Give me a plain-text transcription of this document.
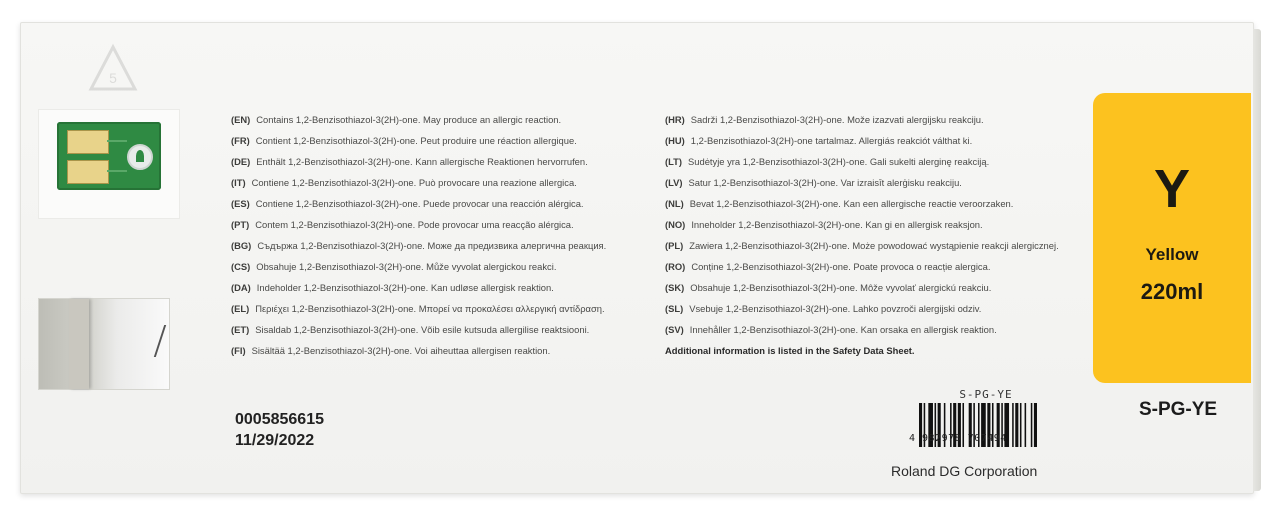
5
(EN) Contains 1,2-Benzisothiazol-3(2H)-one. May produce an allergic reaction.
(FR) Contient 1,2-Benzisothiazol-3(2H)-one. Peut produire une réaction allergique.
(DE) Enthält 1,2-Benzisothiazol-3(2H)-one. Kann allergische Reaktionen hervorrufen.
(IT) Contiene 1,2-Benzisothiazol-3(2H)-one. Può provocare una reazione allergica.
(ES) Contiene 1,2-Benzisothiazol-3(2H)-one. Puede provocar una reacción alérgica.
(PT) Contem 1,2-Benzisothiazol-3(2H)-one. Pode provocar uma reacção alérgica.
(BG) Съдържа 1,2-Benzisothiazol-3(2H)-one. Може да предизвика алергична реакция.
(CS) Obsahuje 1,2-Benzisothiazol-3(2H)-one. Může vyvolat alergickou reakci.
(DA) Indeholder 1,2-Benzisothiazol-3(2H)-one. Kan udløse allergisk reaktion.
(EL) Περιέχει 1,2-Benzisothiazol-3(2H)-one. Μπορεί να προκαλέσει αλλεργική αντίδραση.
(ET) Sisaldab 1,2-Benzisothiazol-3(2H)-one. Võib esile kutsuda allergilise reaktsiooni.
(FI) Sisältää 1,2-Benzisothiazol-3(2H)-one. Voi aiheuttaa allergisen reaktion.
(HR) Sadrži 1,2-Benzisothiazol-3(2H)-one. Može izazvati alergijsku reakciju.
(HU) 1,2-Benzisothiazol-3(2H)-one tartalmaz. Allergiás reakciót válthat ki.
(LT) Sudėtyje yra 1,2-Benzisothiazol-3(2H)-one. Gali sukelti alerginę reakciją.
(LV) Satur 1,2-Benzisothiazol-3(2H)-one. Var izraisīt alerģisku reakciju.
(NL) Bevat 1,2-Benzisothiazol-3(2H)-one. Kan een allergische reactie veroorzaken.
(NO) Inneholder 1,2-Benzisothiazol-3(2H)-one. Kan gi en allergisk reaksjon.
(PL) Zawiera 1,2-Benzisothiazol-3(2H)-one. Może powodować wystąpienie reakcji alergicznej.
(RO) Conține 1,2-Benzisothiazol-3(2H)-one. Poate provoca o reacție alergica.
(SK) Obsahuje 1,2-Benzisothiazol-3(2H)-one. Môže vyvolať alergickú reakciu.
(SL) Vsebuje 1,2-Benzisothiazol-3(2H)-one. Lahko povzroči alergijski odziv.
(SV) Innehåller 1,2-Benzisothiazol-3(2H)-one. Kan orsaka en allergisk reaktion.
Additional information is listed in the Safety Data Sheet.
0005856615
11/29/2022
Y
Yellow
220ml
S-PG-YE
S-PG-YE
4 982978 707494
Roland DG Corporation
